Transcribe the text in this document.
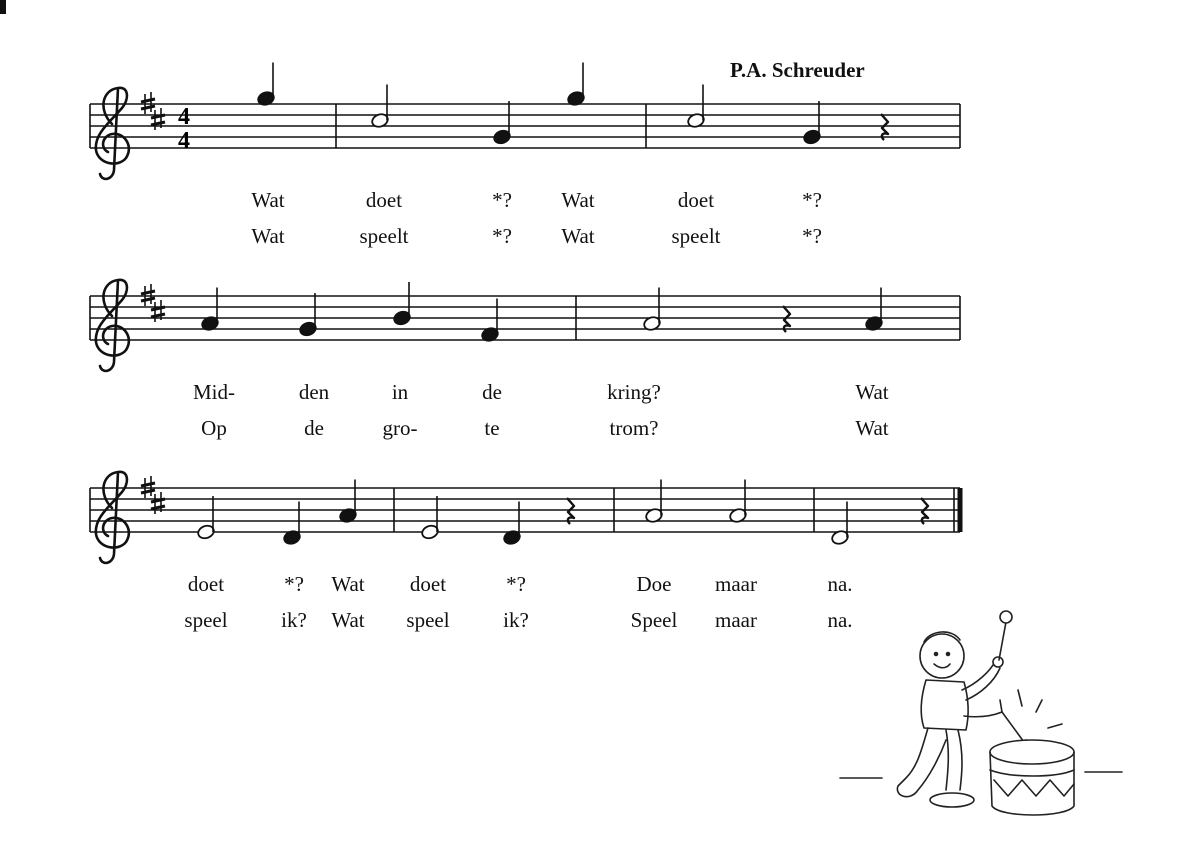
P.A. Schreuder
4
4
Wat	doet	*? Wat	doet	*?
Wat	speelt	*? Wat	speelt	*?
Mid-	den	in	de	kring?	Wat
Op	de	gro-	te	trom?	Wat
doet	*? Wat doet	*?	Doe maar	na.
speel	ik? Wat speel	ik?	Speel maar	na.
